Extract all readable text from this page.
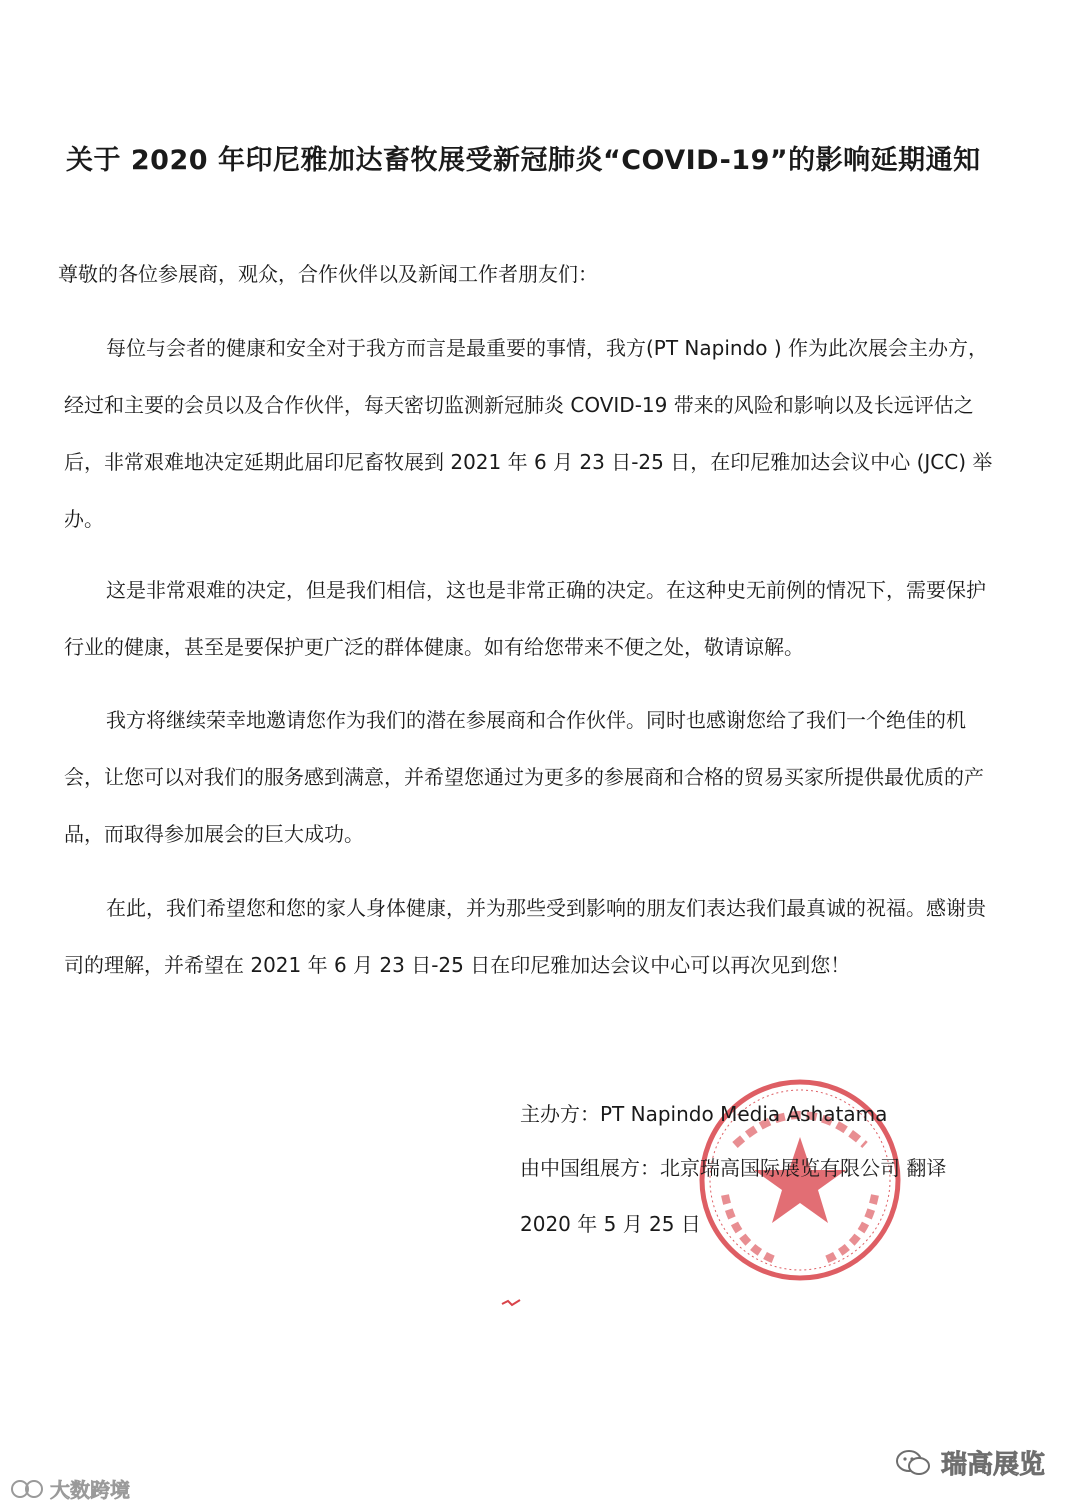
关于 2020 年印尼雅加达畜牧展受新冠肺炎“COVID-19”的影响延期通知
尊敬的各位参展商，观众，合作伙伴以及新闻工作者朋友们：

每位与会者的健康和安全对于我方而言是最重要的事情，我方(PT Napindo ) 作为此次展会主办方，经过和主要的会员以及合作伙伴，每天密切监测新冠肺炎 COVID-19 带来的风险和影响以及长远评估之后，非常艰难地决定延期此届印尼畜牧展到 2021 年 6 月 23 日-25 日，在印尼雅加达会议中心 (JCC) 举办。

这是非常艰难的决定，但是我们相信，这也是非常正确的决定。在这种史无前例的情况下，需要保护行业的健康，甚至是要保护更广泛的群体健康。如有给您带来不便之处，敬请谅解。

我方将继续荣幸地邀请您作为我们的潜在参展商和合作伙伴。同时也感谢您给了我们一个绝佳的机会，让您可以对我们的服务感到满意，并希望您通过为更多的参展商和合格的贸易买家所提供最优质的产品，而取得参加展会的巨大成功。

在此，我们希望您和您的家人身体健康，并为那些受到影响的朋友们表达我们最真诚的祝福。感谢贵司的理解，并希望在 2021 年 6 月 23 日-25 日在印尼雅加达会议中心可以再次见到您！

主办方：PT Napindo Media Ashatama
由中国组展方：北京瑞高国际展览有限公司 翻译
2020 年 5 月 25 日
大数跨境
瑞高展览
